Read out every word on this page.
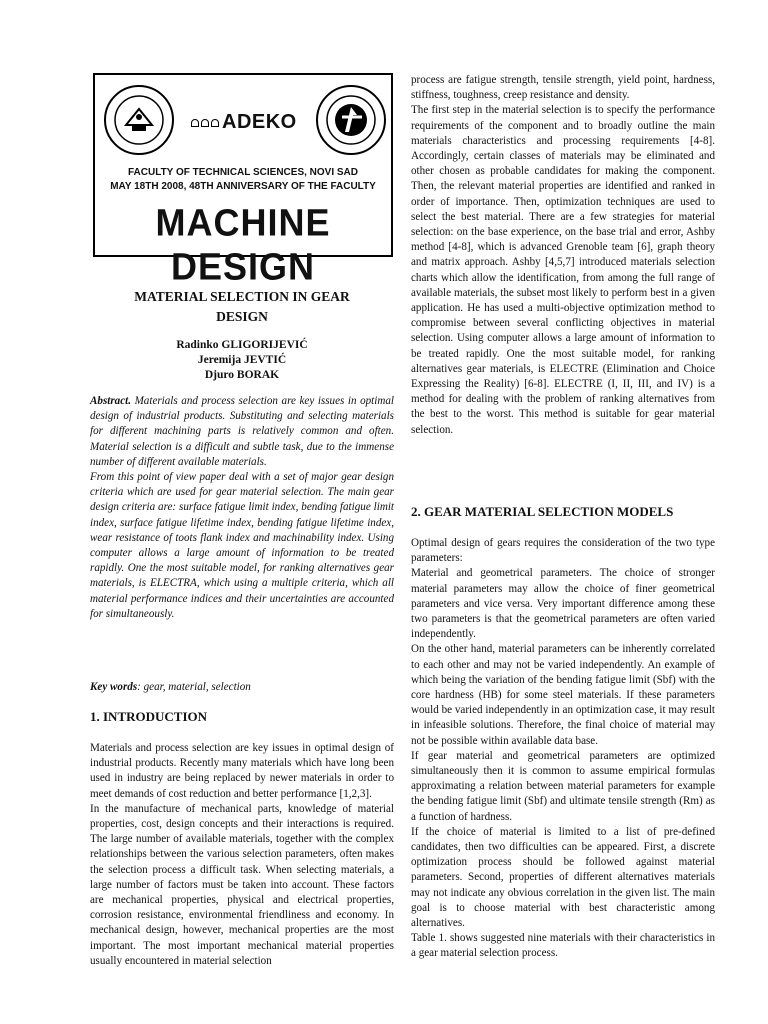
ADEKO
FACULTY OF TECHNICAL SCIENCES, NOVI SAD
MAY 18TH 2008, 48TH ANNIVERSARY OF THE FACULTY
MACHINE DESIGN
MATERIAL SELECTION IN GEAR
DESIGN
Radinko GLIGORIJEVIĆ
Jeremija JEVTIĆ
Djuro BORAK

Abstract. Materials and process selection are key issues in optimal design of industrial products. Substituting and selecting materials for different machining parts is relatively common and often. Material selection is a difficult and subtle task, due to the immense number of different available materials.

From this point of view paper deal with a set of major gear design criteria which are used for gear material selection. The main gear design criteria are: surface fatigue limit index, bending fatigue limit index, surface fatigue lifetime index, bending fatigue lifetime index, wear resistance of toots flank index and machinability index. Using computer allows a large amount of information to be treated rapidly. One the most suitable model, for ranking alternatives gear materials, is ELECTRA, which using a multiple criteria, which all material performance indices and their uncertainties are accounted for simultaneously.

Key words: gear, material, selection
1. INTRODUCTION

Materials and process selection are key issues in optimal design of industrial products. Recently many materials which have long been used in industry are being replaced by newer materials in order to meet demands of cost reduction and better performance [1,2,3].

In the manufacture of mechanical parts, knowledge of material properties, cost, design concepts and their interactions is required. The large number of available materials, together with the complex relationships between the various selection parameters, often makes the selection process a difficult task. When selecting materials, a large number of factors must be taken into account. These factors are mechanical properties, physical and electrical properties, corrosion resistance, environmental friendliness and economy. In mechanical design, however, mechanical properties are the most important. The most important mechanical material properties usually encountered in material selection

process are fatigue strength, tensile strength, yield point, hardness, stiffness, toughness, creep resistance and density.

The first step in the material selection is to specify the performance requirements of the component and to broadly outline the main materials characteristics and processing requirements [4-8]. Accordingly, certain classes of materials may be eliminated and other chosen as probable candidates for making the component. Then, the relevant material properties are identified and ranked in order of importance. Then, optimization techniques are used to select the best material. There are a few strategies for material selection: on the base experience, on the base trial and error, Ashby method [4-8], which is advanced Grenoble team [6], graph theory and matrix approach. Ashby [4,5,7] introduced materials selection charts which allow the identification, from among the full range of available materials, the subset most likely to perform best in a given application. He has used a multi-objective optimization method to compromise between several conflicting objectives in material selection. Using computer allows a large amount of information to be treated rapidly. One the most suitable model, for ranking alternatives gear materials, is ELECTRE (Elimination and Choice Expressing the Reality) [6-8]. ELECTRE (I, II, III, and IV) is a method for dealing with the problem of ranking alternatives from the best to the worst. This method is suitable for gear material selection.

2. GEAR MATERIAL SELECTION MODELS

Optimal design of gears requires the consideration of the two type parameters:

Material and geometrical parameters. The choice of stronger material parameters may allow the choice of finer geometrical parameters and vice versa. Very important difference among these two parameters is that the geometrical parameters are often varied independently.

On the other hand, material parameters can be inherently correlated to each other and may not be varied independently. An example of which being the variation of the bending fatigue limit (Sbf) with the core hardness (HB) for some steel materials. If these parameters would be varied independently in an optimization case, it may result in infeasible solutions. Therefore, the final choice of material may not be possible within available data base.

If gear material and geometrical parameters are optimized simultaneously then it is common to assume empirical formulas approximating a relation between material parameters for example the bending fatigue limit (Sbf) and ultimate tensile strength (Rm) as a function of hardness.

If the choice of material is limited to a list of pre-defined candidates, then two difficulties can be appeared. First, a discrete optimization process should be followed against material parameters. Second, properties of different alternatives materials may not indicate any obvious correlation in the given list. The main goal is to choose material with best characteristic among alternatives.

Table 1. shows suggested nine materials with their characteristics in a gear material selection process.
